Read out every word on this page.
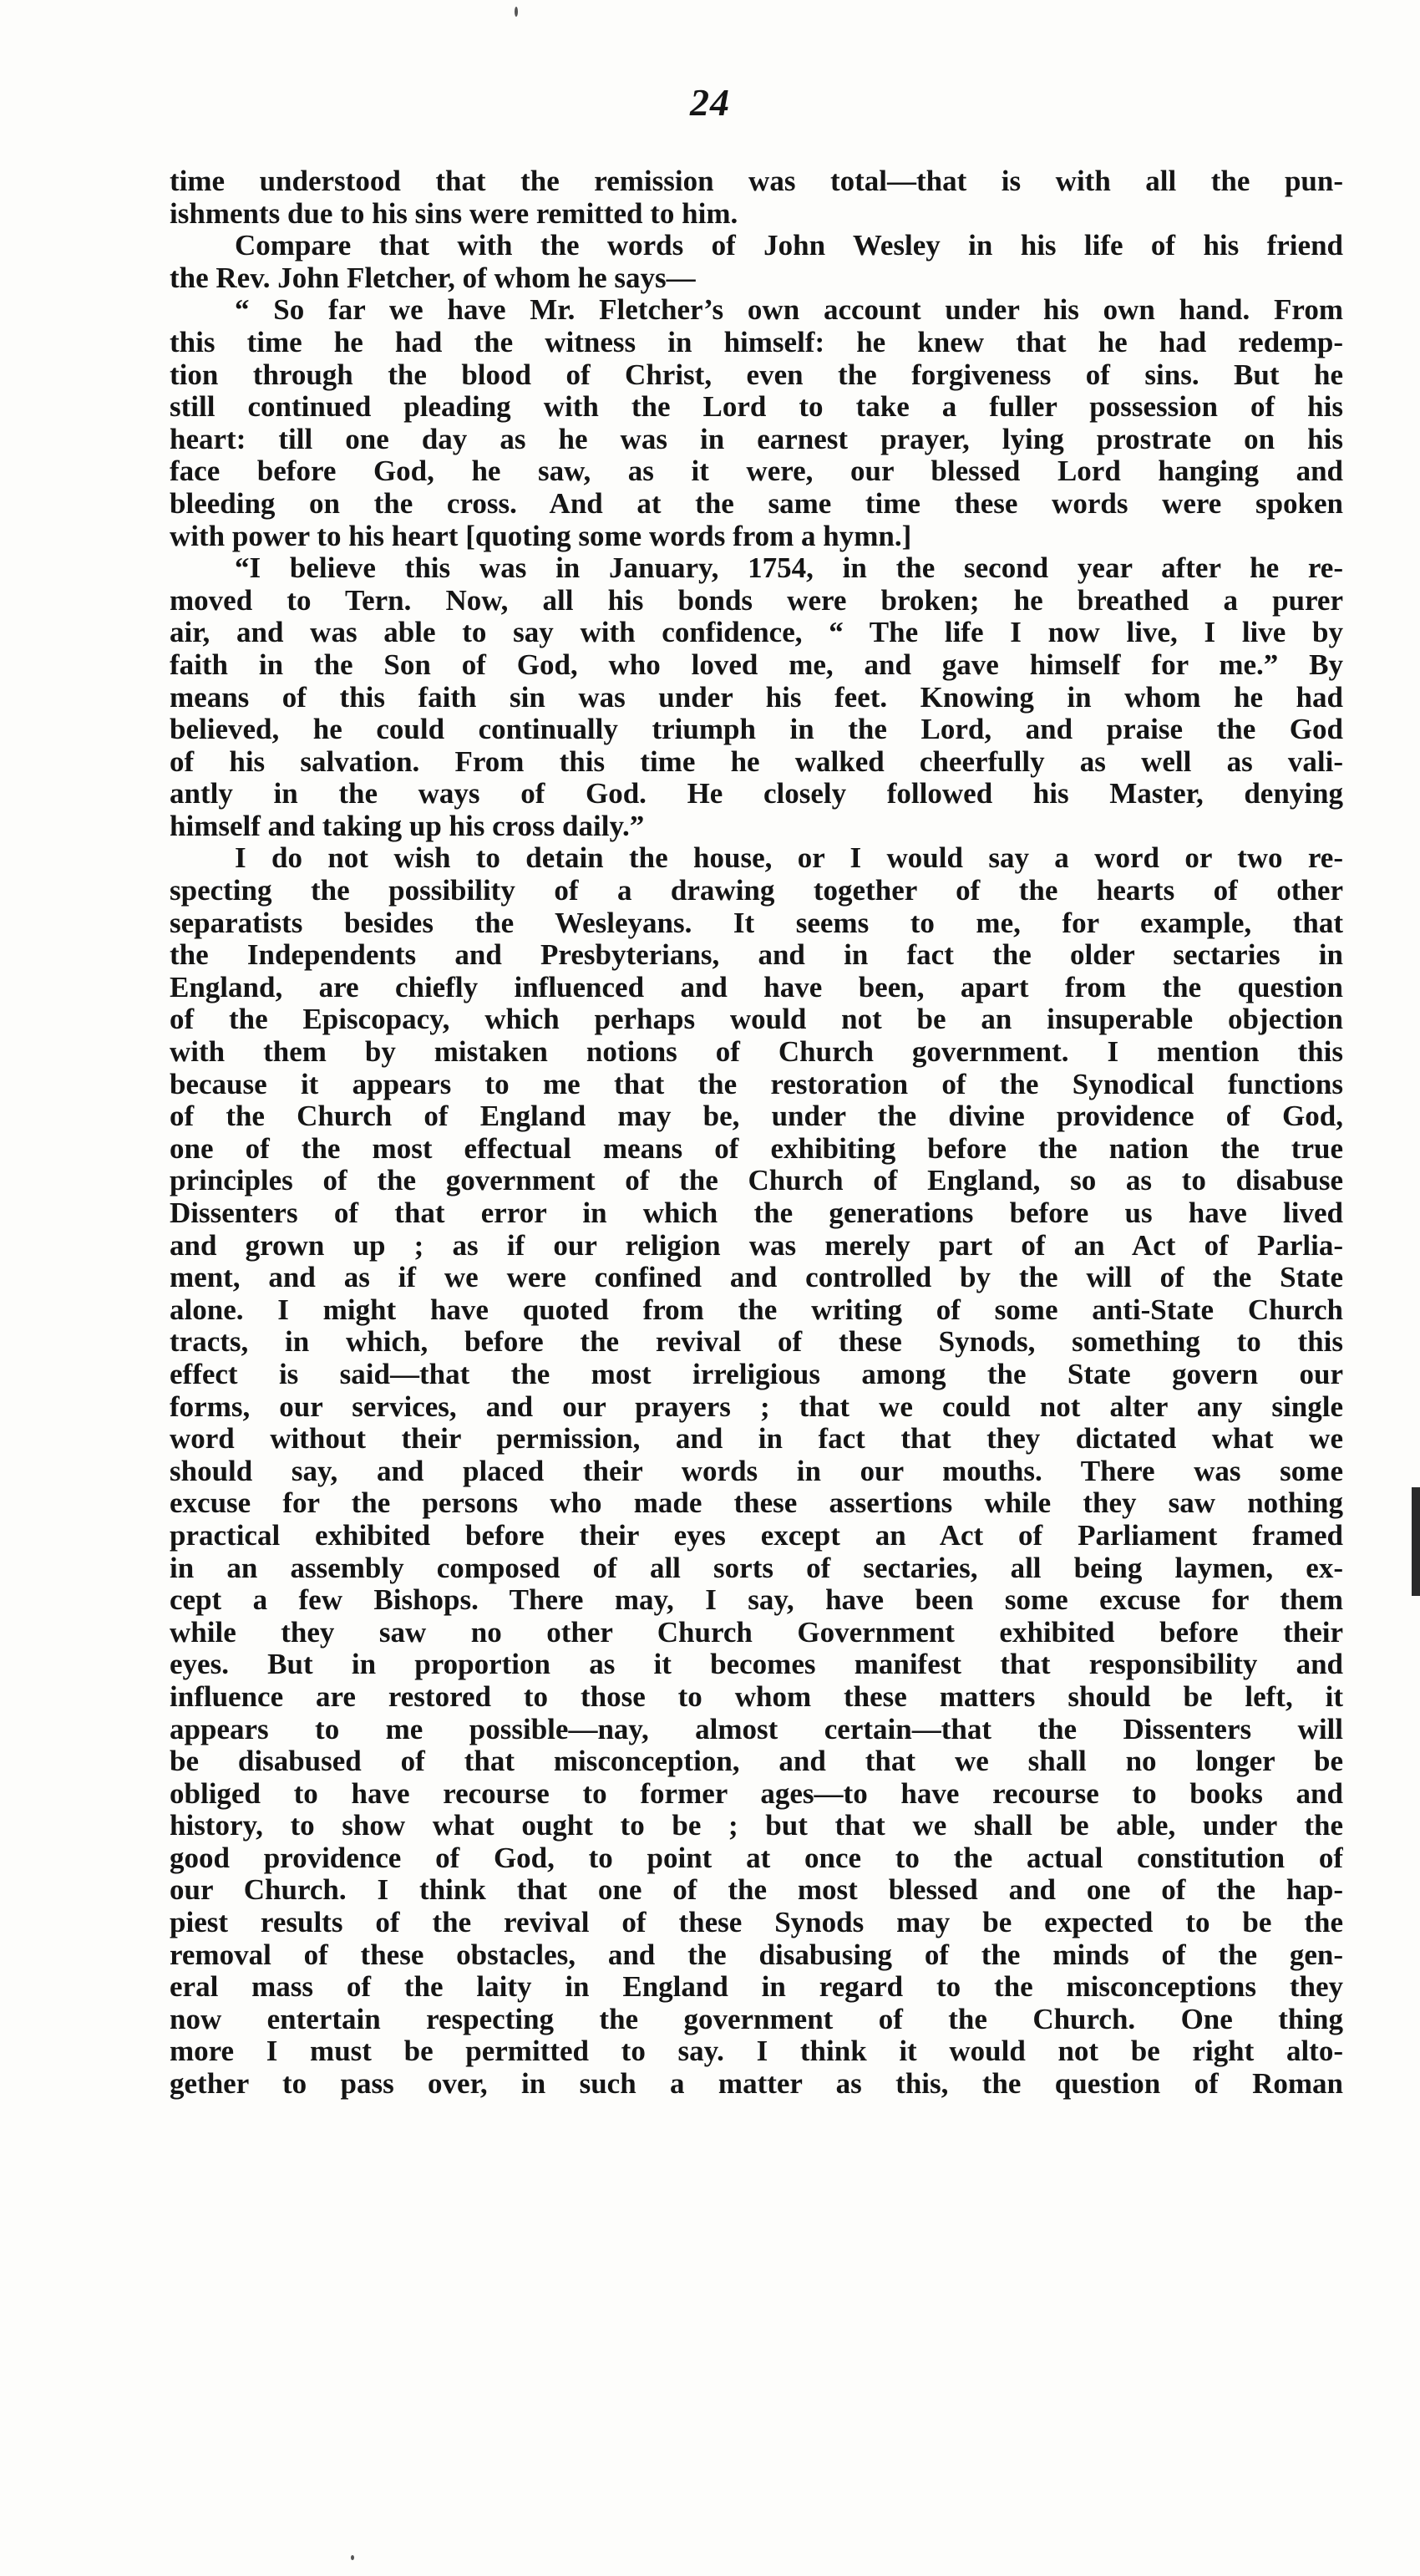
24
time understood that the remission was total—that is with all the pun-
ishments due to his sins were remitted to him.
Compare that with the words of John Wesley in his life of his friend
the Rev. John Fletcher, of whom he says—
“ So far we have Mr. Fletcher’s own account under his own hand. From
this time he had the witness in himself: he knew that he had redemp-
tion through the blood of Christ, even the forgiveness of sins. But he
still continued pleading with the Lord to take a fuller possession of his
heart: till one day as he was in earnest prayer, lying prostrate on his
face before God, he saw, as it were, our blessed Lord hanging and
bleeding on the cross. And at the same time these words were spoken
with power to his heart [quoting some words from a hymn.]
“I believe this was in January, 1754, in the second year after he re-
moved to Tern. Now, all his bonds were broken; he breathed a purer
air, and was able to say with confidence, “ The life I now live, I live by
faith in the Son of God, who loved me, and gave himself for me.” By
means of this faith sin was under his feet. Knowing in whom he had
believed, he could continually triumph in the Lord, and praise the God
of his salvation. From this time he walked cheerfully as well as vali-
antly in the ways of God. He closely followed his Master, denying
himself and taking up his cross daily.”
I do not wish to detain the house, or I would say a word or two re-
specting the possibility of a drawing together of the hearts of other
separatists besides the Wesleyans. It seems to me, for example, that
the Independents and Presbyterians, and in fact the older sectaries in
England, are chiefly influenced and have been, apart from the question
of the Episcopacy, which perhaps would not be an insuperable objection
with them by mistaken notions of Church government. I mention this
because it appears to me that the restoration of the Synodical functions
of the Church of England may be, under the divine providence of God,
one of the most effectual means of exhibiting before the nation the true
principles of the government of the Church of England, so as to disabuse
Dissenters of that error in which the generations before us have lived
and grown up ; as if our religion was merely part of an Act of Parlia-
ment, and as if we were confined and controlled by the will of the State
alone. I might have quoted from the writing of some anti-State Church
tracts, in which, before the revival of these Synods, something to this
effect is said—that the most irreligious among the State govern our
forms, our services, and our prayers ; that we could not alter any single
word without their permission, and in fact that they dictated what we
should say, and placed their words in our mouths. There was some
excuse for the persons who made these assertions while they saw nothing
practical exhibited before their eyes except an Act of Parliament framed
in an assembly composed of all sorts of sectaries, all being laymen, ex-
cept a few Bishops. There may, I say, have been some excuse for them
while they saw no other Church Government exhibited before their
eyes. But in proportion as it becomes manifest that responsibility and
influence are restored to those to whom these matters should be left, it
appears to me possible—nay, almost certain—that the Dissenters will
be disabused of that misconception, and that we shall no longer be
obliged to have recourse to former ages—to have recourse to books and
history, to show what ought to be ; but that we shall be able, under the
good providence of God, to point at once to the actual constitution of
our Church. I think that one of the most blessed and one of the hap-
piest results of the revival of these Synods may be expected to be the
removal of these obstacles, and the disabusing of the minds of the gen-
eral mass of the laity in England in regard to the misconceptions they
now entertain respecting the government of the Church. One thing
more I must be permitted to say. I think it would not be right alto-
gether to pass over, in such a matter as this, the question of Roman
